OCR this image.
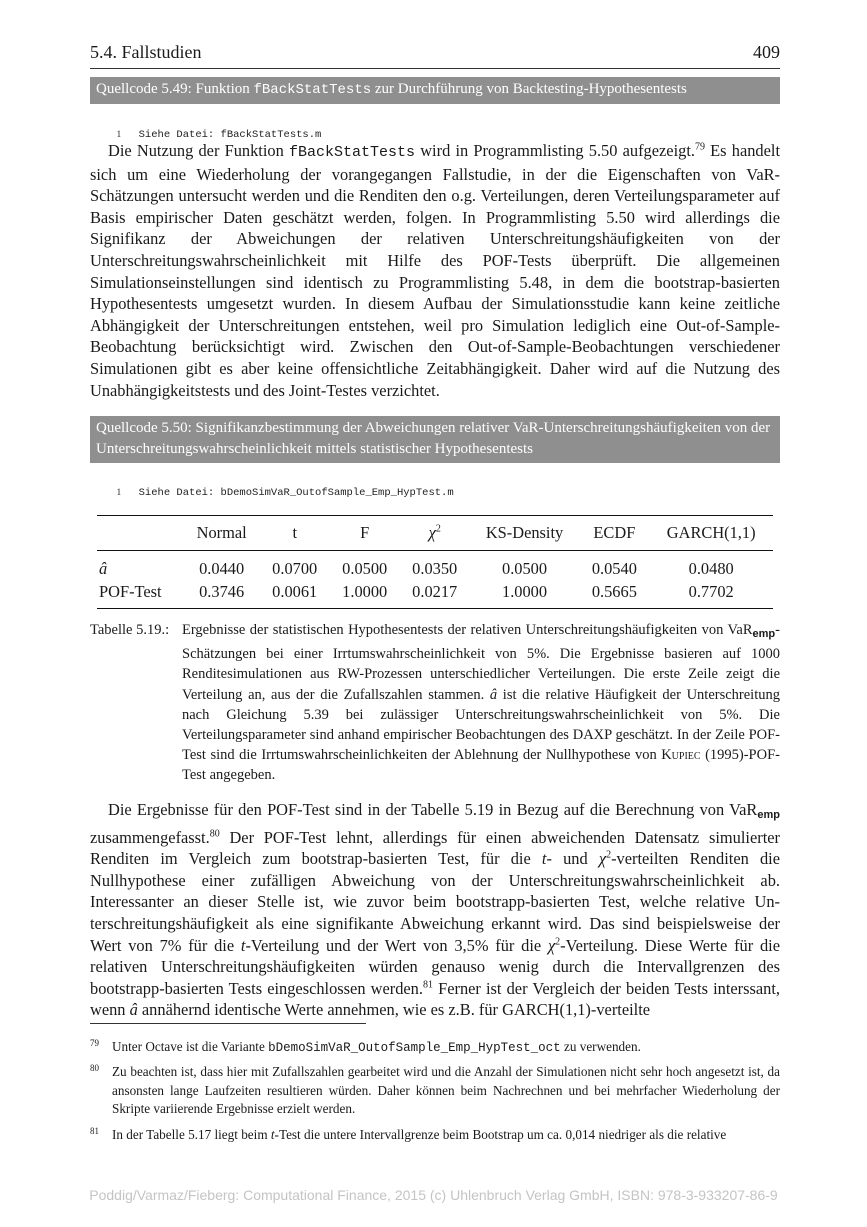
5.4. Fallstudien	409
Quellcode 5.49: Funktion fBackStatTests zur Durchführung von Backtesting-Hypothesentests

1 Siehe Datei: fBackStatTests.m

Die Nutzung der Funktion fBackStatTests wird in Programmlisting 5.50 aufgezeigt.$^{79}$ Es handelt sich um eine Wiederholung der vorangegangen Fallstudie, in der die Eigenschaften von VaR-Schätzungen untersucht werden und die Renditen den o.g. Verteilungen, deren Verteilungsparameter auf Basis empirischer Daten geschätzt werden, folgen. In Programmlisting 5.50 wird allerdings die Signifikanz der Abweichungen der relativen Unterschreitungshäufigkeiten von der Unterschreitungswahrscheinlichkeit mit Hilfe des POF-Tests überprüft. Die allgemeinen Simulationseinstellungen sind identisch zu Programmlisting 5.48, in dem die bootstrap-basierten Hypothesentests umgesetzt wurden. In diesem Aufbau der Simulationsstudie kann keine zeitliche Abhängigkeit der Unterschreitungen entstehen, weil pro Simulation lediglich eine Out-of-Sample-Beobachtung berücksichtigt wird. Zwischen den Out-of-Sample-Beobachtungen verschiedener Simulationen gibt es aber keine offensichtliche Zeitabhängigkeit. Daher wird auf die Nutzung des Unabhängigkeitstests und des Joint-Testes verzichtet.

Quellcode 5.50: Signifikanzbestimmung der Abweichungen relativer VaR-Unterschreitungshäufigkeiten von der Unterschreitungswahrscheinlichkeit mittels statistischer Hypothesentests

1 Siehe Datei: bDemoSimVaR_OutofSample_Emp_HypTest.m

	Normal	t	F	$\chi^2$	KS-Density	ECDF	GARCH(1,1)
â	0.0440	0.0700	0.0500	0.0350	0.0500	0.0540	0.0480
POF-Test	0.3746	0.0061	1.0000	0.0217	1.0000	0.5665	0.7702
Tabelle 5.19.: Ergebnisse der statistischen Hypothesentests der relativen Unterschreitungshäufigkeiten von VaR$_{emp}$-Schätzungen bei einer Irrtumswahrscheinlichkeit von 5%. Die Ergebnisse basieren auf 1000 Renditesimulationen aus RW-Prozessen unterschiedlicher Verteilungen. Die erste Zeile zeigt die Verteilung an, aus der die Zufallszahlen stammen. â ist die relative Häufigkeit der Unterschreitung nach Gleichung 5.39 bei zulässiger Unterschreitungswahrscheinlichkeit von 5%. Die Verteilungsparameter sind anhand empirischer Beobachtungen des DAXP geschätzt. In der Zeile POF-Test sind die Irrtumswahrscheinlichkeiten der Ablehnung der Nullhypothese von Kupiec (1995)-POF-Test angegeben.

Die Ergebnisse für den POF-Test sind in der Tabelle 5.19 in Bezug auf die Berechnung von VaRemp zusammengefasst.$^{80}$ Der POF-Test lehnt, allerdings für einen abweichenden Datensatz simulierter Renditen im Vergleich zum bootstrap-basierten Test, für die t- und $\chi^2$-verteilten Renditen die Nullhypothese einer zufälligen Abweichung von der Unterschreitungswahrscheinlichkeit ab. Interessanter an dieser Stelle ist, wie zuvor beim bootstrapp-basierten Test, welche relative Unterschreitungshäufigkeit als eine signifikante Abweichung erkannt wird. Das sind beispielsweise der Wert von 7% für die t-Verteilung und der Wert von 3,5% für die $\chi^2$-Verteilung. Diese Werte für die relativen Unterschreitungshäufigkeiten würden genauso wenig durch die Intervallgrenzen des bootstrapp-basierten Tests eingeschlossen werden.$^{81}$ Ferner ist der Vergleich der beiden Tests interssant, wenn â annähernd identische Werte annehmen, wie es z.B. für GARCH(1,1)-verteilte

79 Unter Octave ist die Variante bDemoSimVaR_OutofSample_Emp_HypTest_oct zu verwenden.
80 Zu beachten ist, dass hier mit Zufallszahlen gearbeitet wird und die Anzahl der Simulationen nicht sehr hoch angesetzt ist, da ansonsten lange Laufzeiten resultieren würden. Daher können beim Nachrechnen und bei mehrfacher Wiederholung der Skripte variierende Ergebnisse erzielt werden.
81 In der Tabelle 5.17 liegt beim t-Test die untere Intervallgrenze beim Bootstrap um ca. 0,014 niedriger als die relative
Poddig/Varmaz/Fieberg: Computational Finance, 2015 (c) Uhlenbruch Verlag GmbH, ISBN: 978-3-933207-86-9
